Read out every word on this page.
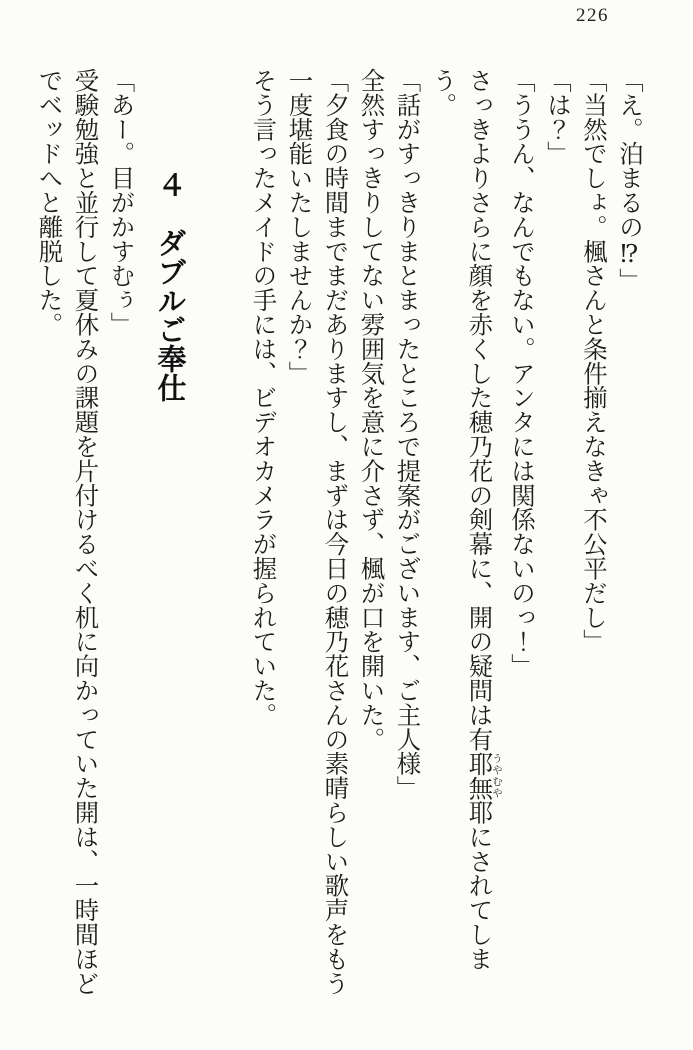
226

「え。泊まるの⁉」

「当然でしょ。楓さんと条件揃えなきゃ不公平だし」

「は？」

「ううん、なんでもない。アンタには関係ないのっ！」

さっきよりさらに顔を赤くした穂乃花の剣幕に、開の疑問は有耶無耶 うやむやにされてしまう。

「話がすっきりまとまったところで提案がございます、ご主人様」

全然すっきりしてない雰囲気を意に介さず、楓が口を開いた。

「夕食の時間までまだありますし、まずは今日の穂乃花さんの素晴らしい歌声をもう一度堪能いたしませんか？」

そう言ったメイドの手には、ビデオカメラが握られていた。

４　ダブルご奉仕

「あー。目がかすむぅ」

受験勉強と並行して夏休みの課題を片付けるべく机に向かっていた開は、一時間ほどでベッドへと離脱した。
